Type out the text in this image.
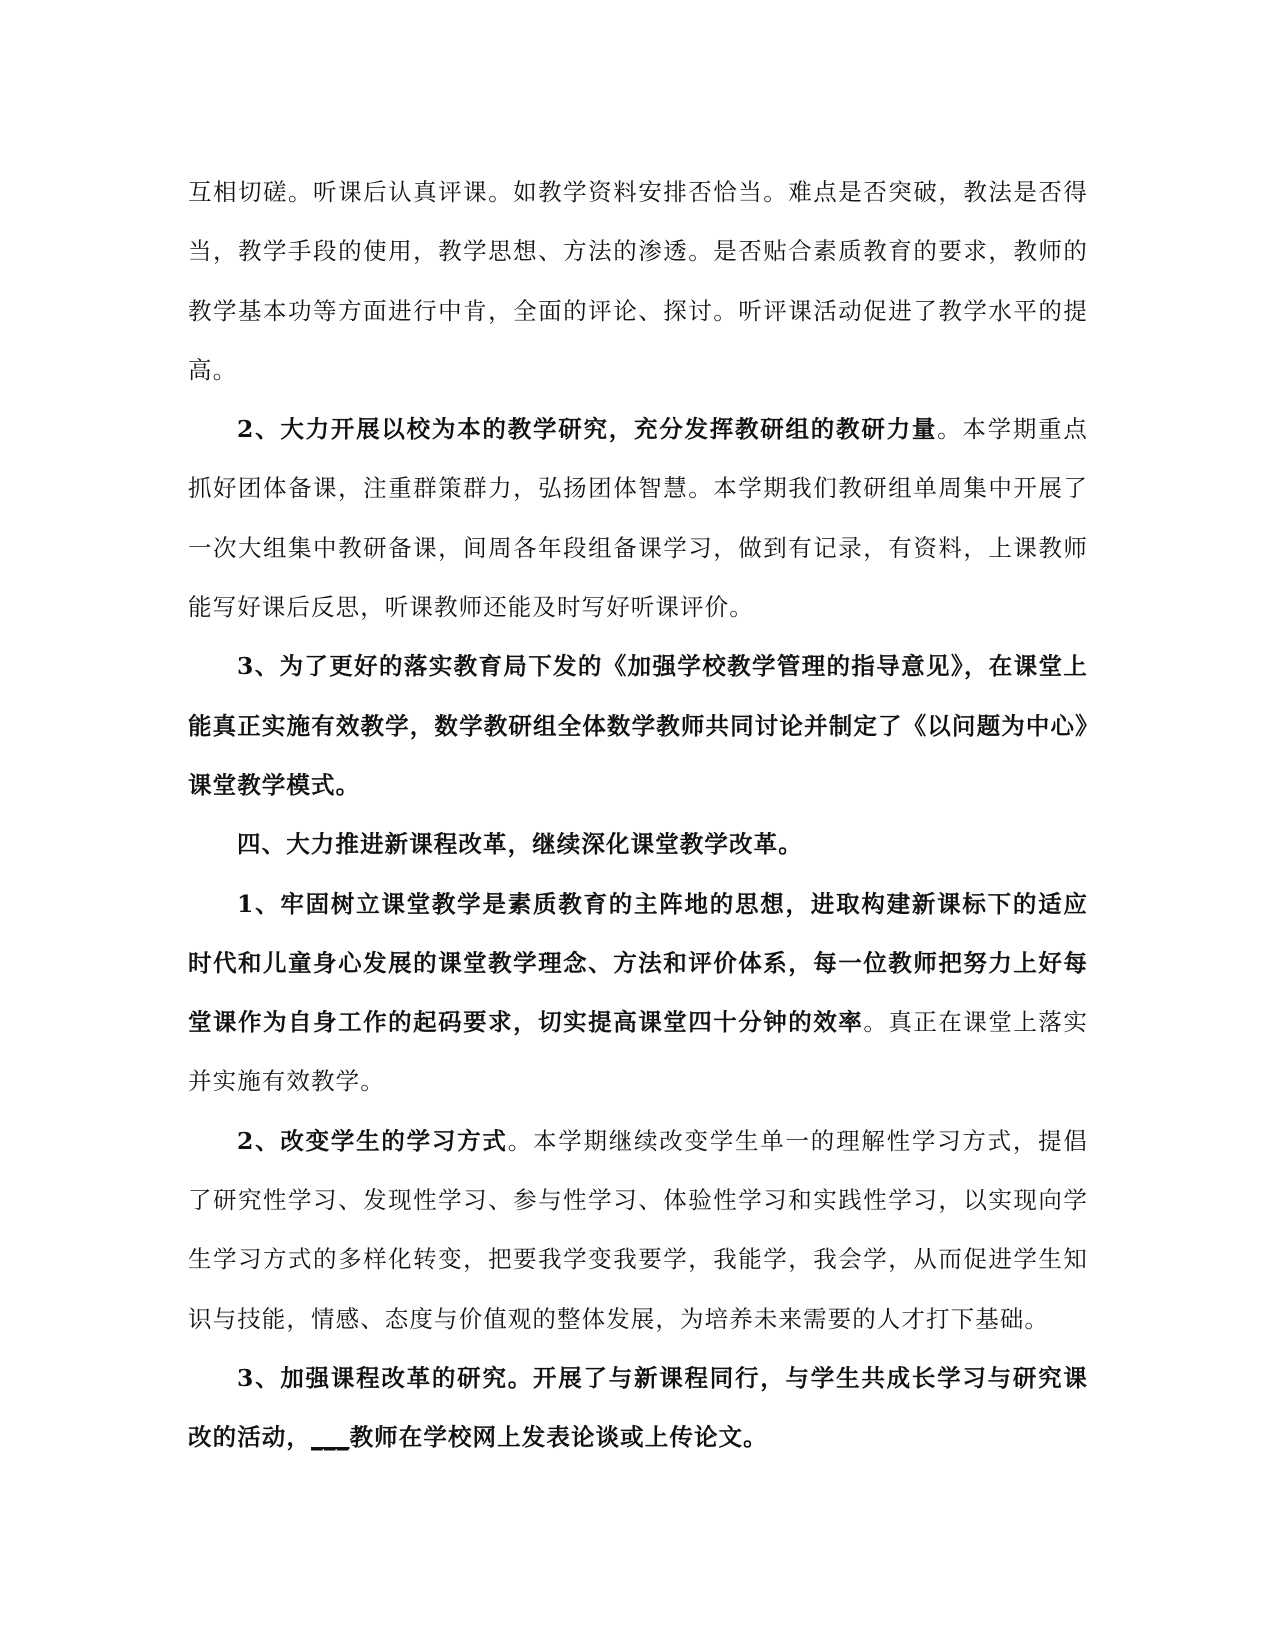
互相切磋。听课后认真评课。如教学资料安排否恰当。难点是否突破，教法是否得当，教学手段的使用，教学思想、方法的渗透。是否贴合素质教育的要求，教师的教学基本功等方面进行中肯，全面的评论、探讨。听评课活动促进了教学水平的提高。

2、大力开展以校为本的教学研究，充分发挥教研组的教研力量。本学期重点抓好团体备课，注重群策群力，弘扬团体智慧。本学期我们教研组单周集中开展了一次大组集中教研备课，间周各年段组备课学习，做到有记录，有资料，上课教师能写好课后反思，听课教师还能及时写好听课评价。

3、为了更好的落实教育局下发的《加强学校教学管理的指导意见》，在课堂上能真正实施有效教学，数学教研组全体数学教师共同讨论并制定了《以问题为中心》课堂教学模式。

四、大力推进新课程改革，继续深化课堂教学改革。

1、牢固树立课堂教学是素质教育的主阵地的思想，进取构建新课标下的适应时代和儿童身心发展的课堂教学理念、方法和评价体系，每一位教师把努力上好每堂课作为自身工作的起码要求，切实提高课堂四十分钟的效率。真正在课堂上落实并实施有效教学。

2、改变学生的学习方式。本学期继续改变学生单一的理解性学习方式，提倡了研究性学习、发现性学习、参与性学习、体验性学习和实践性学习，以实现向学生学习方式的多样化转变，把要我学变我要学，我能学，我会学，从而促进学生知识与技能，情感、态度与价值观的整体发展，为培养未来需要的人才打下基础。

3、加强课程改革的研究。开展了与新课程同行，与学生共成长学习与研究课改的活动，___教师在学校网上发表论谈或上传论文。
